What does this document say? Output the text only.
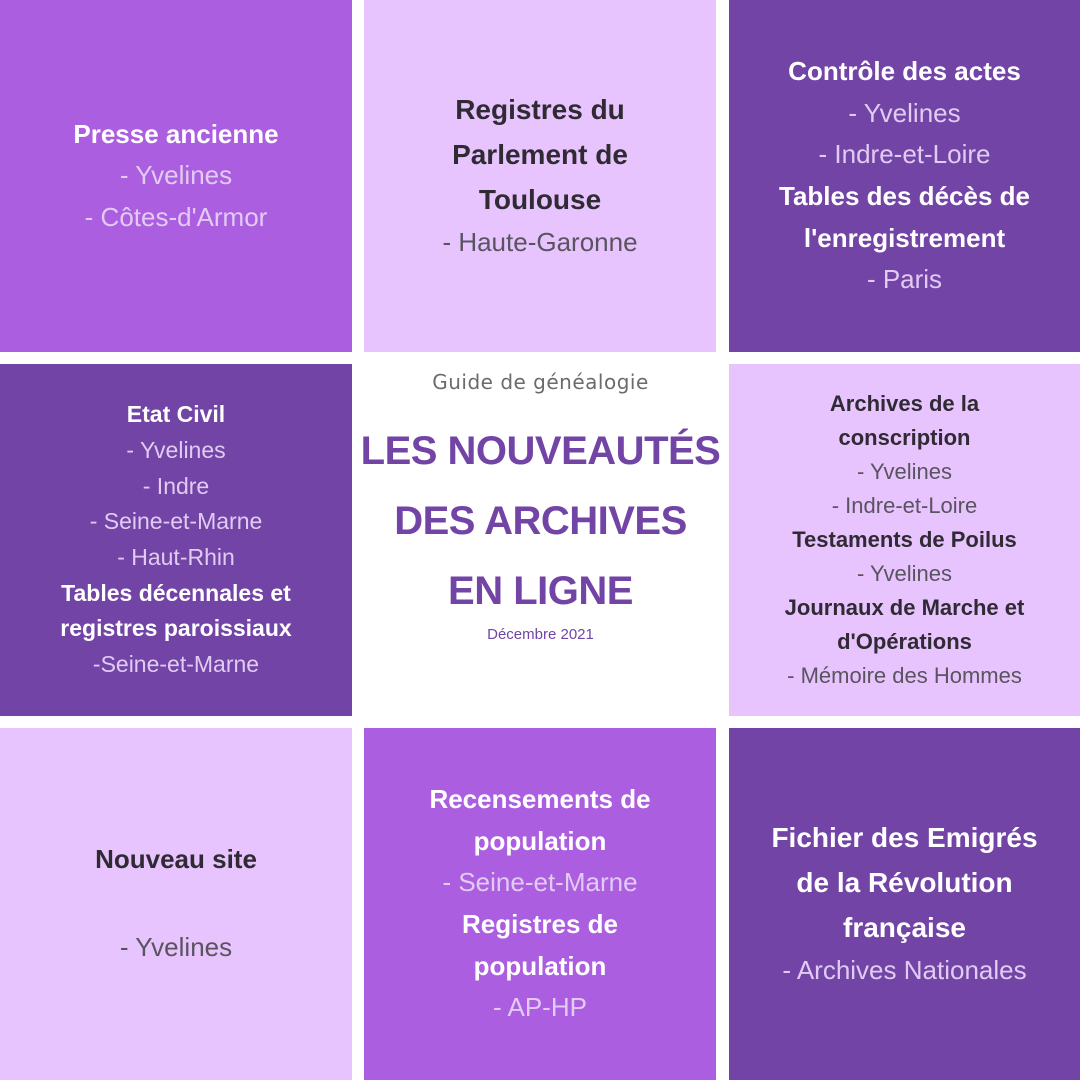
Presse ancienne
- Yvelines
- Côtes-d'Armor
Registres du
Parlement de
Toulouse
- Haute-Garonne
Contrôle des actes
- Yvelines
- Indre-et-Loire
Tables des décès de
l'enregistrement
- Paris
Etat Civil
- Yvelines
- Indre
- Seine-et-Marne
- Haut-Rhin
Tables décennales et
registres paroissiaux
-Seine-et-Marne
Guide de généalogie
LES NOUVEAUTÉS
DES ARCHIVES
EN LIGNE
Décembre 2021
Archives de la
conscription
- Yvelines
- Indre-et-Loire
Testaments de Poilus
- Yvelines
Journaux de Marche et
d'Opérations
- Mémoire des Hommes
Nouveau site
- Yvelines
Recensements de
population
- Seine-et-Marne
Registres de
population
- AP-HP
Fichier des Emigrés
de la Révolution
française
- Archives Nationales
